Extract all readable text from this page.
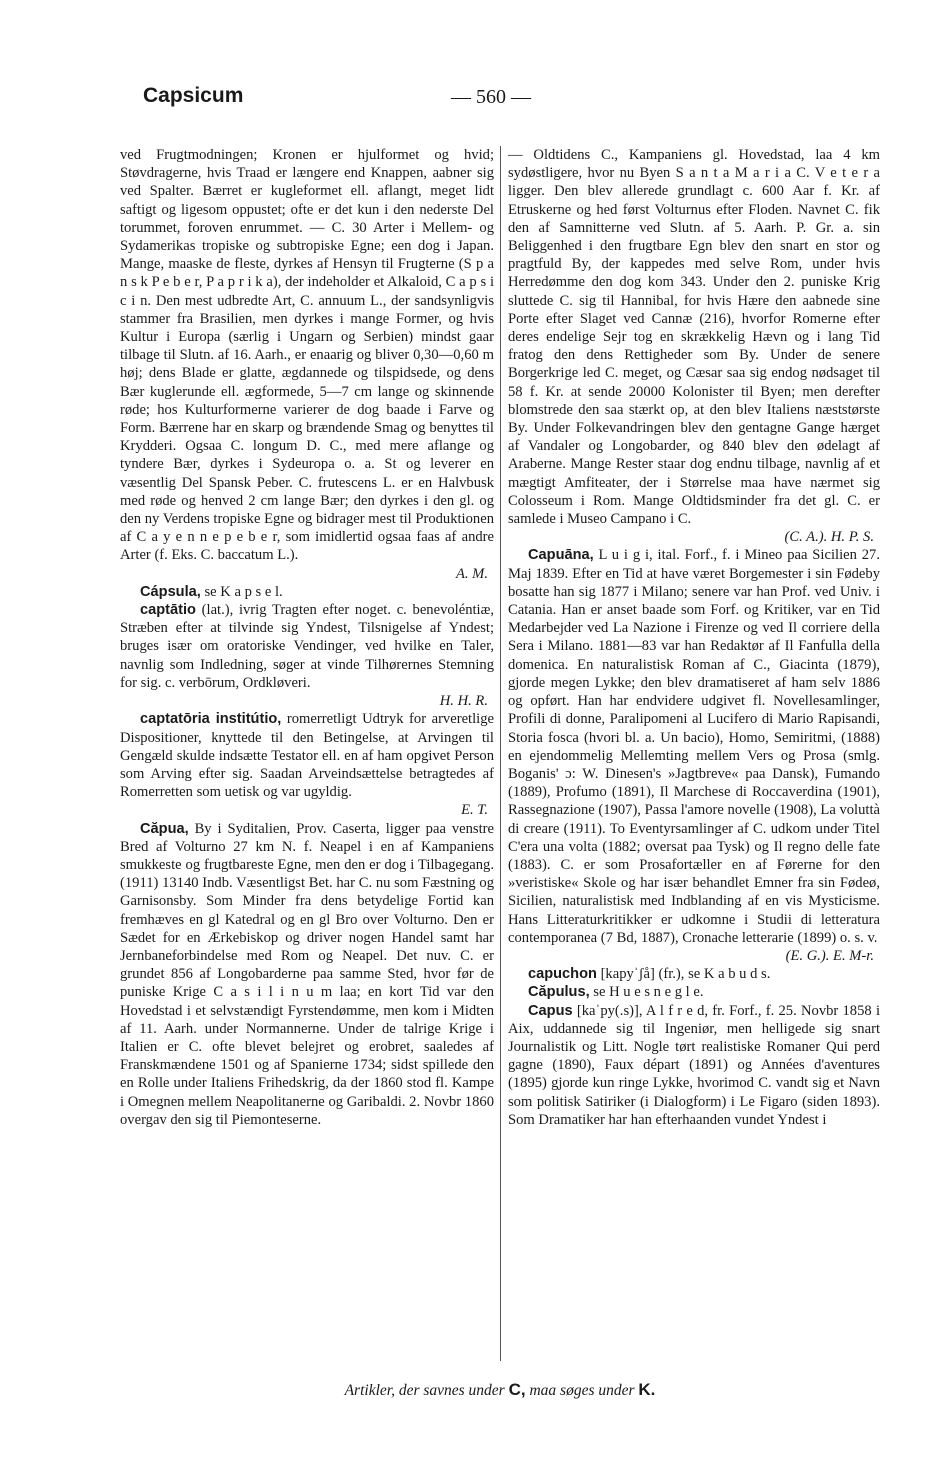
Capsicum	— 560 —

ved Frugtmodningen; Kronen er hjulformet og hvid; Støvdragerne, hvis Traad er længere end Knappen, aabner sig ved Spalter. Bærret er kugleformet ell. aflangt, meget lidt saftigt og ligesom oppustet; ofte er det kun i den nederste Del torummet, foroven enrummet. — C. 30 Arter i Mellem- og Sydamerikas tropiske og subtropiske Egne; een dog i Japan. Mange, maaske de fleste, dyrkes af Hensyn til Frugterne (S p a n s k P e b e r, P a p r i k a), der indeholder et Alkaloid, C a p s i c i n. Den mest udbredte Art, C. annuum L., der sandsynligvis stammer fra Brasilien, men dyrkes i mange Former, og hvis Kultur i Europa (særlig i Ungarn og Serbien) mindst gaar tilbage til Slutn. af 16. Aarh., er enaarig og bliver 0,30—0,60 m høj; dens Blade er glatte, ægdannede og tilspidsede, og dens Bær kuglerunde ell. ægformede, 5—7 cm lange og skinnende røde; hos Kulturformerne varierer de dog baade i Farve og Form. Bærrene har en skarp og brændende Smag og benyttes til Krydderi. Ogsaa C. longum D. C., med mere aflange og tyndere Bær, dyrkes i Sydeuropa o. a. St og leverer en væsentlig Del Spansk Peber. C. frutescens L. er en Halvbusk med røde og henved 2 cm lange Bær; den dyrkes i den gl. og den ny Verdens tropiske Egne og bidrager mest til Produktionen af C a y e n n e p e b e r, som imidlertid ogsaa faas af andre Arter (f. Eks. C. baccatum L.).

A. M.

Cápsula, se K a p s e l.

captātio (lat.), ivrig Tragten efter noget. c. benevoléntiæ, Stræben efter at tilvinde sig Yndest, Tilsnigelse af Yndest; bruges især om oratoriske Vendinger, ved hvilke en Taler, navnlig som Indledning, søger at vinde Tilhørernes Stemning for sig. c. verbōrum, Ordkløveri.

H. H. R.

captatōria institútio, romerretligt Udtryk for arveretlige Dispositioner, knyttede til den Betingelse, at Arvingen til Gengæld skulde indsætte Testator ell. en af ham opgivet Person som Arving efter sig. Saadan Arveindsættelse betragtedes af Romerretten som uetisk og var ugyldig.

E. T.

Căpua, By i Syditalien, Prov. Caserta, ligger paa venstre Bred af Volturno 27 km N. f. Neapel i en af Kampaniens smukkeste og frugtbareste Egne, men den er dog i Tilbagegang. (1911) 13140 Indb. Væsentligst Bet. har C. nu som Fæstning og Garnisonsby. Som Minder fra dens betydelige Fortid kan fremhæves en gl Katedral og en gl Bro over Volturno. Den er Sædet for en Ærkebiskop og driver nogen Handel samt har Jernbaneforbindelse med Rom og Neapel. Det nuv. C. er grundet 856 af Longobarderne paa samme Sted, hvor før de puniske Krige C a s i l i n u m laa; en kort Tid var den Hovedstad i et selvstændigt Fyrstendømme, men kom i Midten af 11. Aarh. under Normannerne. Under de talrige Krige i Italien er C. ofte blevet belejret og erobret, saaledes af Franskmændene 1501 og af Spanierne 1734; sidst spillede den en Rolle under Italiens Frihedskrig, da der 1860 stod fl. Kampe i Omegnen mellem Neapolitanerne og Garibaldi. 2. Novbr 1860 overgav den sig til Piemonteserne.

— Oldtidens C., Kampaniens gl. Hovedstad, laa 4 km sydøstligere, hvor nu Byen S a n t a M a r i a C. V e t e r a ligger. Den blev allerede grundlagt c. 600 Aar f. Kr. af Etruskerne og hed først Volturnus efter Floden. Navnet C. fik den af Samnitterne ved Slutn. af 5. Aarh. P. Gr. a. sin Beliggenhed i den frugtbare Egn blev den snart en stor og pragtfuld By, der kappedes med selve Rom, under hvis Herredømme den dog kom 343. Under den 2. puniske Krig sluttede C. sig til Hannibal, for hvis Hære den aabnede sine Porte efter Slaget ved Cannæ (216), hvorfor Romerne efter deres endelige Sejr tog en skrækkelig Hævn og i lang Tid fratog den dens Rettigheder som By. Under de senere Borgerkrige led C. meget, og Cæsar saa sig endog nødsaget til 58 f. Kr. at sende 20000 Kolonister til Byen; men derefter blomstrede den saa stærkt op, at den blev Italiens næststørste By. Under Folkevandringen blev den gentagne Gange hærget af Vandaler og Longobarder, og 840 blev den ødelagt af Araberne. Mange Rester staar dog endnu tilbage, navnlig af et mægtigt Amfiteater, der i Størrelse maa have nærmet sig Colosseum i Rom. Mange Oldtidsminder fra det gl. C. er samlede i Museo Campano i C.

(C. A.). H. P. S.

Capuāna, L u i g i, ital. Forf., f. i Mineo paa Sicilien 27. Maj 1839. Efter en Tid at have været Borgemester i sin Fødeby bosatte han sig 1877 i Milano; senere var han Prof. ved Univ. i Catania. Han er anset baade som Forf. og Kritiker, var en Tid Medarbejder ved La Nazione i Firenze og ved Il corriere della Sera i Milano. 1881—83 var han Redaktør af Il Fanfulla della domenica. En naturalistisk Roman af C., Giacinta (1879), gjorde megen Lykke; den blev dramatiseret af ham selv 1886 og opført. Han har endvidere udgivet fl. Novellesamlinger, Profili di donne, Paralipomeni al Lucifero di Mario Rapisandi, Storia fosca (hvori bl. a. Un bacio), Homo, Semiritmi, (1888) en ejendommelig Mellemting mellem Vers og Prosa (smlg. Boganis' ɔ: W. Dinesen's »Jagtbreve« paa Dansk), Fumando (1889), Profumo (1891), Il Marchese di Roccaverdina (1901), Rassegnazione (1907), Passa l'amore novelle (1908), La voluttà di creare (1911). To Eventyrsamlinger af C. udkom under Titel C'era una volta (1882; oversat paa Tysk) og Il regno delle fate (1883). C. er som Prosafortæller en af Førerne for den »veristiske« Skole og har især behandlet Emner fra sin Fødeø, Sicilien, naturalistisk med Indblanding af en vis Mysticisme. Hans Litteraturkritikker er udkomne i Studii di letteratura contemporanea (7 Bd, 1887), Cronache letterarie (1899) o. s. v.

(E. G.). E. M-r.

capuchon [kapyˈʃå] (fr.), se K a b u d s.

Căpulus, se H u e s n e g l e.

Capus [kaˈpy(.s)], A l f r e d, fr. Forf., f. 25. Novbr 1858 i Aix, uddannede sig til Ingeniør, men helligede sig snart Journalistik og Litt. Nogle tørt realistiske Romaner Qui perd gagne (1890), Faux départ (1891) og Années d'aventures (1895) gjorde kun ringe Lykke, hvorimod C. vandt sig et Navn som politisk Satiriker (i Dialogform) i Le Figaro (siden 1893). Som Dramatiker har han efterhaanden vundet Yndest i

Artikler, der savnes under C, maa søges under K.
